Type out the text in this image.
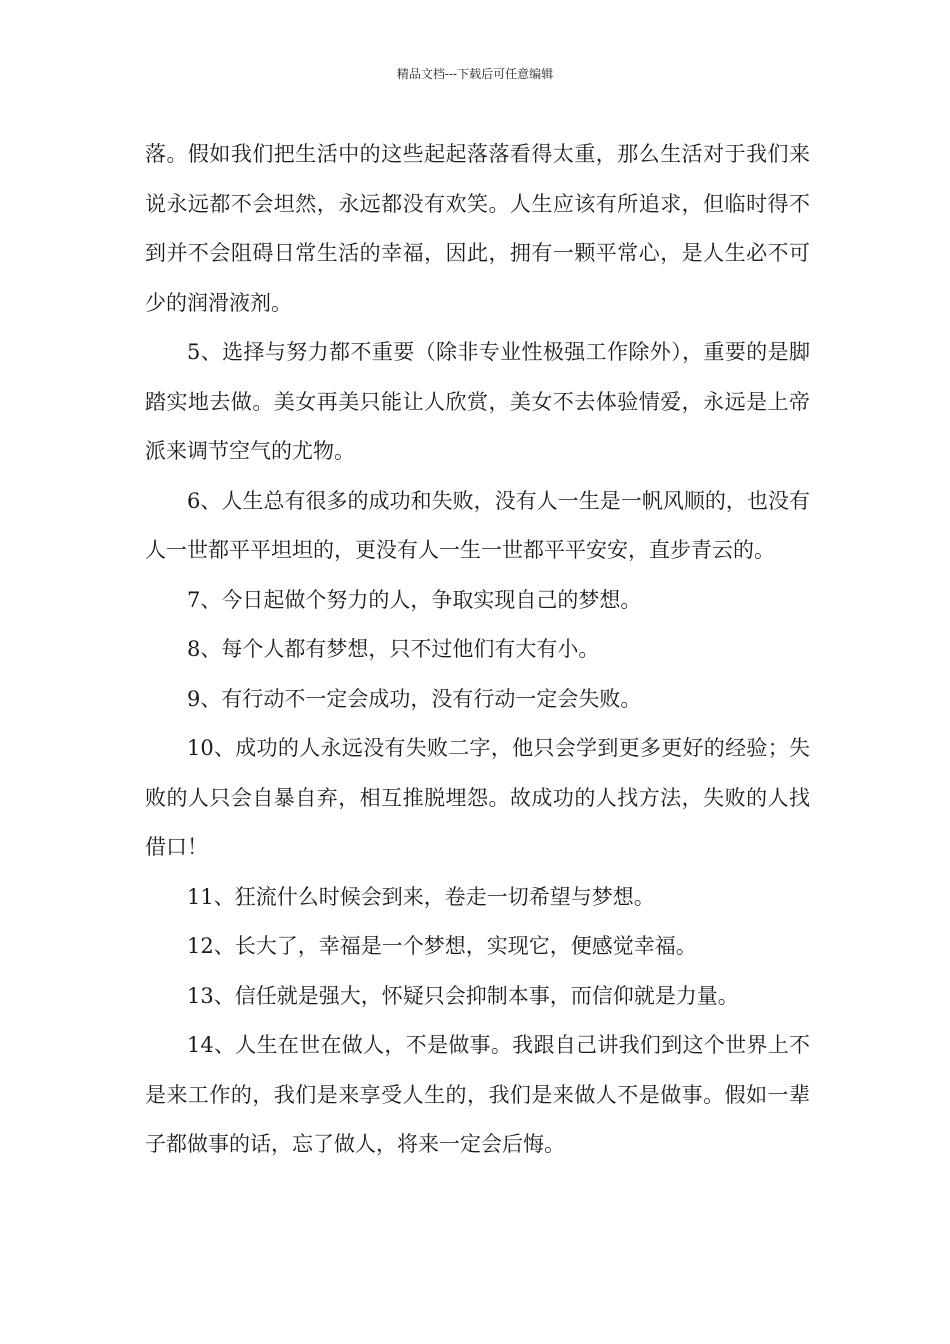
精品文档---下载后可任意编辑

落。假如我们把生活中的这些起起落落看得太重，那么生活对于我们来说永远都不会坦然，永远都没有欢笑。人生应该有所追求，但临时得不到并不会阻碍日常生活的幸福，因此，拥有一颗平常心，是人生必不可少的润滑液剂。

5、选择与努力都不重要（除非专业性极强工作除外），重要的是脚踏实地去做。美女再美只能让人欣赏，美女不去体验情爱，永远是上帝派来调节空气的尤物。

6、人生总有很多的成功和失败，没有人一生是一帆风顺的，也没有人一世都平平坦坦的，更没有人一生一世都平平安安，直步青云的。

7、今日起做个努力的人，争取实现自己的梦想。

8、每个人都有梦想，只不过他们有大有小。

9、有行动不一定会成功，没有行动一定会失败。

10、成功的人永远没有失败二字，他只会学到更多更好的经验；失败的人只会自暴自弃，相互推脱埋怨。故成功的人找方法，失败的人找借口！

11、狂流什么时候会到来，卷走一切希望与梦想。

12、长大了，幸福是一个梦想，实现它，便感觉幸福。

13、信任就是强大，怀疑只会抑制本事，而信仰就是力量。

14、人生在世在做人，不是做事。我跟自己讲我们到这个世界上不是来工作的，我们是来享受人生的，我们是来做人不是做事。假如一辈子都做事的话，忘了做人，将来一定会后悔。
